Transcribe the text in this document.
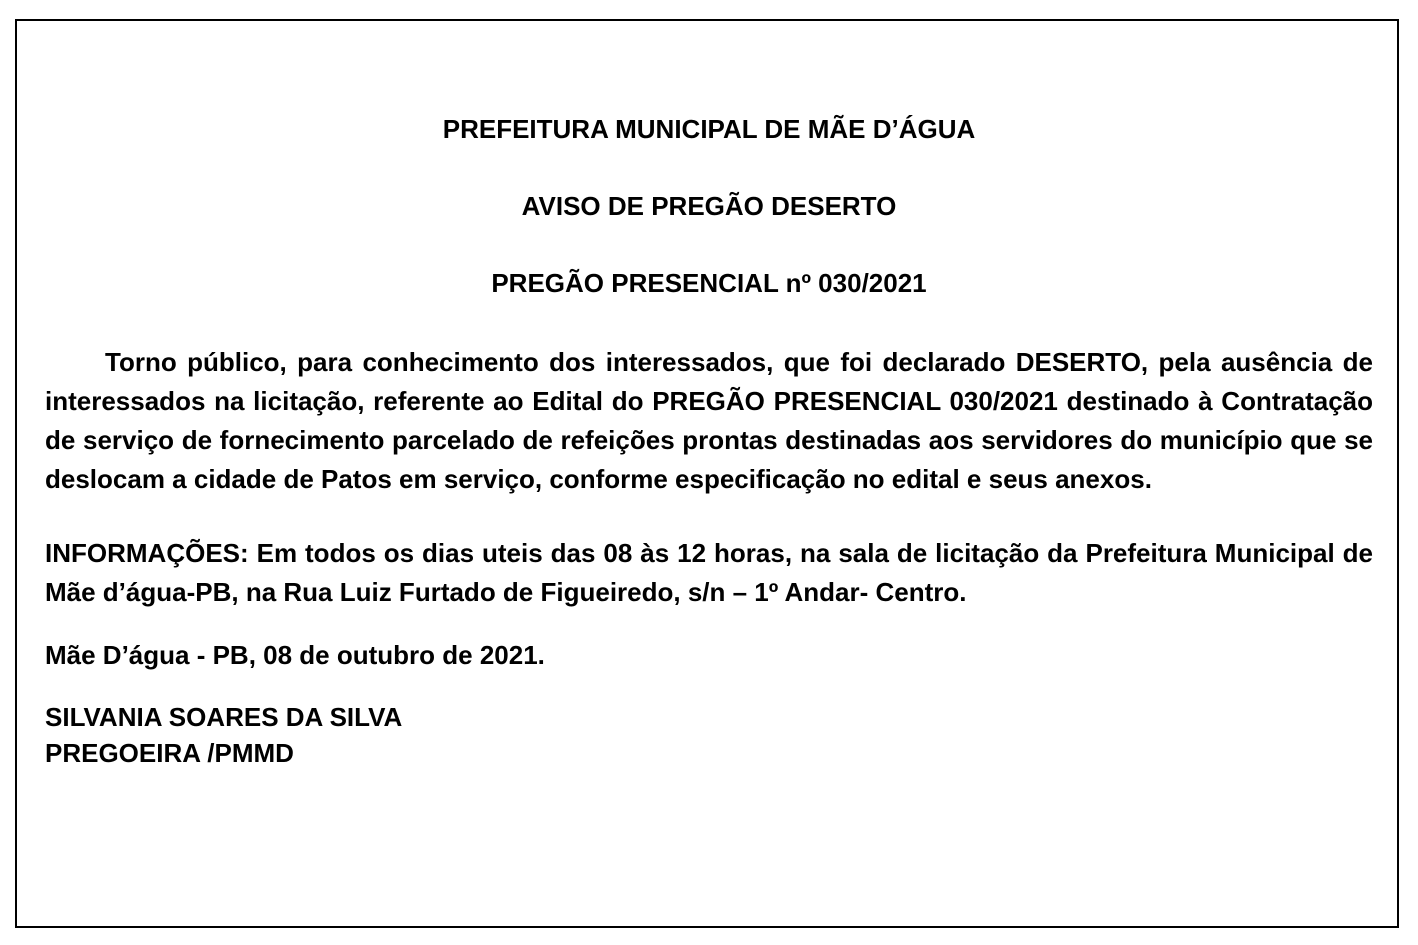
PREFEITURA MUNICIPAL DE MÃE D’ÁGUA

AVISO DE PREGÃO DESERTO

PREGÃO PRESENCIAL nº 030/2021

Torno público, para conhecimento dos interessados, que foi declarado DESERTO, pela ausência de interessados na licitação, referente ao Edital do PREGÃO PRESENCIAL 030/2021 destinado à Contratação de serviço de fornecimento parcelado de refeições prontas destinadas aos servidores do município que se deslocam a cidade de Patos em serviço, conforme especificação no edital e seus anexos.

INFORMAÇÕES: Em todos os dias uteis das 08 às 12 horas, na sala de licitação da Prefeitura Municipal de Mãe d’água-PB, na Rua Luiz Furtado de Figueiredo, s/n – 1º Andar- Centro.

Mãe D’água - PB, 08 de outubro de 2021.

SILVANIA SOARES DA SILVA
PREGOEIRA /PMMD
